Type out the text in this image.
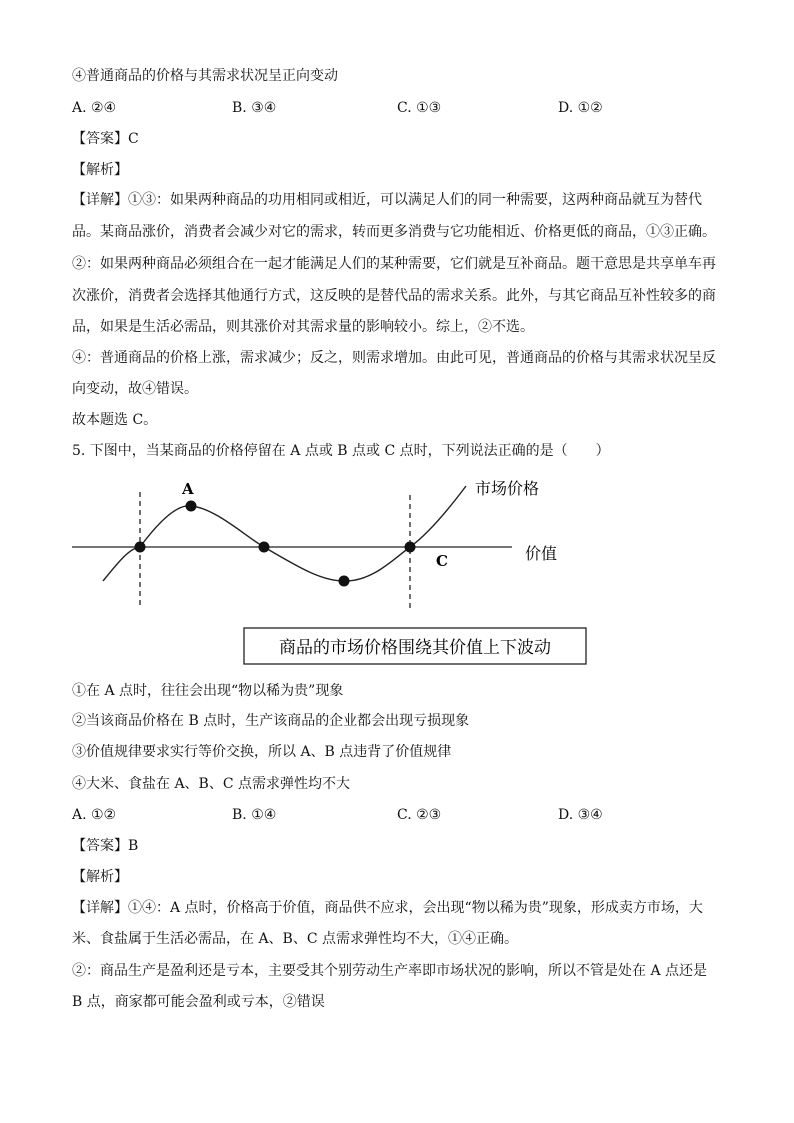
④普通商品的价格与其需求状况呈正向变动
A. ②④	B. ③④	C. ①③	D. ①②
【答案】C
【解析】
【详解】①③：如果两种商品的功用相同或相近，可以满足人们的同一种需要，这两种商品就互为替代
品。某商品涨价，消费者会减少对它的需求，转而更多消费与它功能相近、价格更低的商品，①③正确。
②：如果两种商品必须组合在一起才能满足人们的某种需要，它们就是互补商品。题干意思是共享单车再
次涨价，消费者会选择其他通行方式，这反映的是替代品的需求关系。此外，与其它商品互补性较多的商
品，如果是生活必需品，则其涨价对其需求量的影响较小。综上，②不选。
④：普通商品的价格上涨，需求减少；反之，则需求增加。由此可见，普通商品的价格与其需求状况呈反
向变动，故④错误。
故本题选 C。
5. 下图中，当某商品的价格停留在 A 点或 B 点或 C 点时，下列说法正确的是（　　）
A
C
市场价格
价值
商品的市场价格围绕其价值上下波动
①在 A 点时，往往会出现“物以稀为贵”现象
②当该商品价格在 B 点时，生产该商品的企业都会出现亏损现象
③价值规律要求实行等价交换，所以 A、B 点违背了价值规律
④大米、食盐在 A、B、C 点需求弹性均不大
A. ①②	B. ①④	C. ②③	D. ③④
【答案】B
【解析】
【详解】①④：A 点时，价格高于价值，商品供不应求，会出现“物以稀为贵”现象，形成卖方市场，大
米、食盐属于生活必需品，在 A、B、C 点需求弹性均不大，①④正确。
②：商品生产是盈利还是亏本，主要受其个别劳动生产率即市场状况的影响，所以不管是处在 A 点还是
B 点，商家都可能会盈利或亏本，②错误
